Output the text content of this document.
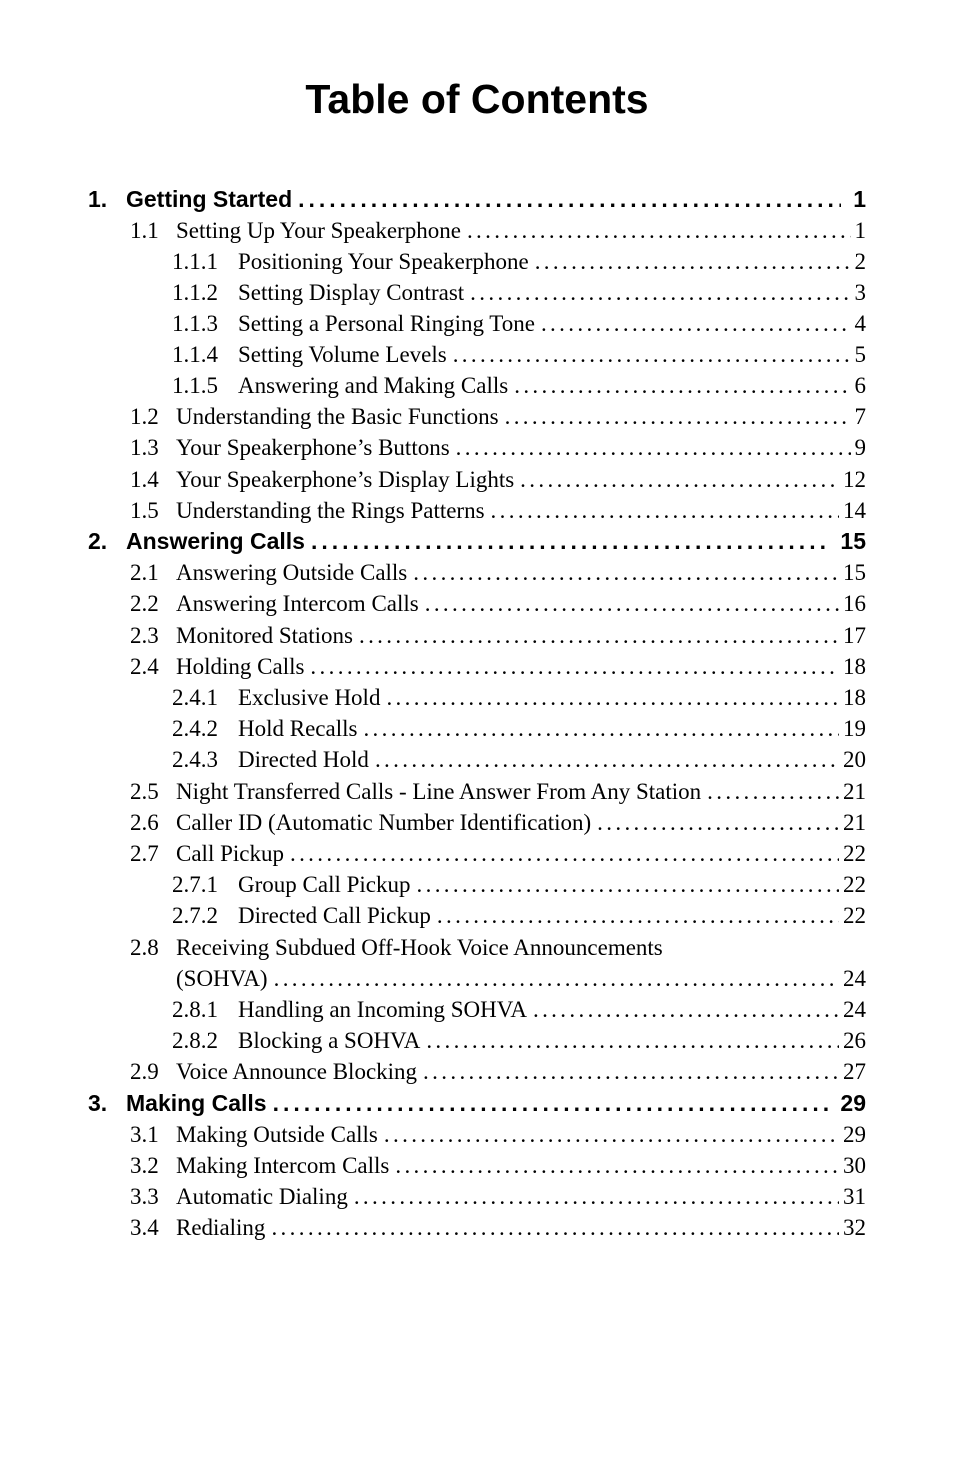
Table of Contents
1. Getting Started . . .	1
1.1 Setting Up Your Speakerphone . . .	1
1.1.1 Positioning Your Speakerphone . . .	2
1.1.2 Setting Display Contrast . . .	3
1.1.3 Setting a Personal Ringing Tone . . .	4
1.1.4 Setting Volume Levels . . .	5
1.1.5 Answering and Making Calls . . .	6
1.2 Understanding the Basic Functions . . .	7
1.3 Your Speakerphone’s Buttons . . .	9
1.4 Your Speakerphone’s Display Lights . . .	12
1.5 Understanding the Rings Patterns . . .	14
2. Answering Calls . . .	15
2.1 Answering Outside Calls . . .	15
2.2 Answering Intercom Calls . . .	16
2.3 Monitored Stations . . .	17
2.4 Holding Calls . . .	18
2.4.1 Exclusive Hold . . .	18
2.4.2 Hold Recalls . . .	19
2.4.3 Directed Hold . . .	20
2.5 Night Transferred Calls - Line Answer From Any Station . . .	21
2.6 Caller ID (Automatic Number Identification) . . .	21
2.7 Call Pickup . . .	22
2.7.1 Group Call Pickup . . .	22
2.7.2 Directed Call Pickup . . .	22
2.8 Receiving Subdued Off-Hook Voice Announcements
(SOHVA) . . .	24
2.8.1 Handling an Incoming SOHVA . . .	24
2.8.2 Blocking a SOHVA . . .	26
2.9 Voice Announce Blocking . . .	27
3. Making Calls . . .	29
3.1 Making Outside Calls . . .	29
3.2 Making Intercom Calls . . .	30
3.3 Automatic Dialing . . .	31
3.4 Redialing . . .	32
